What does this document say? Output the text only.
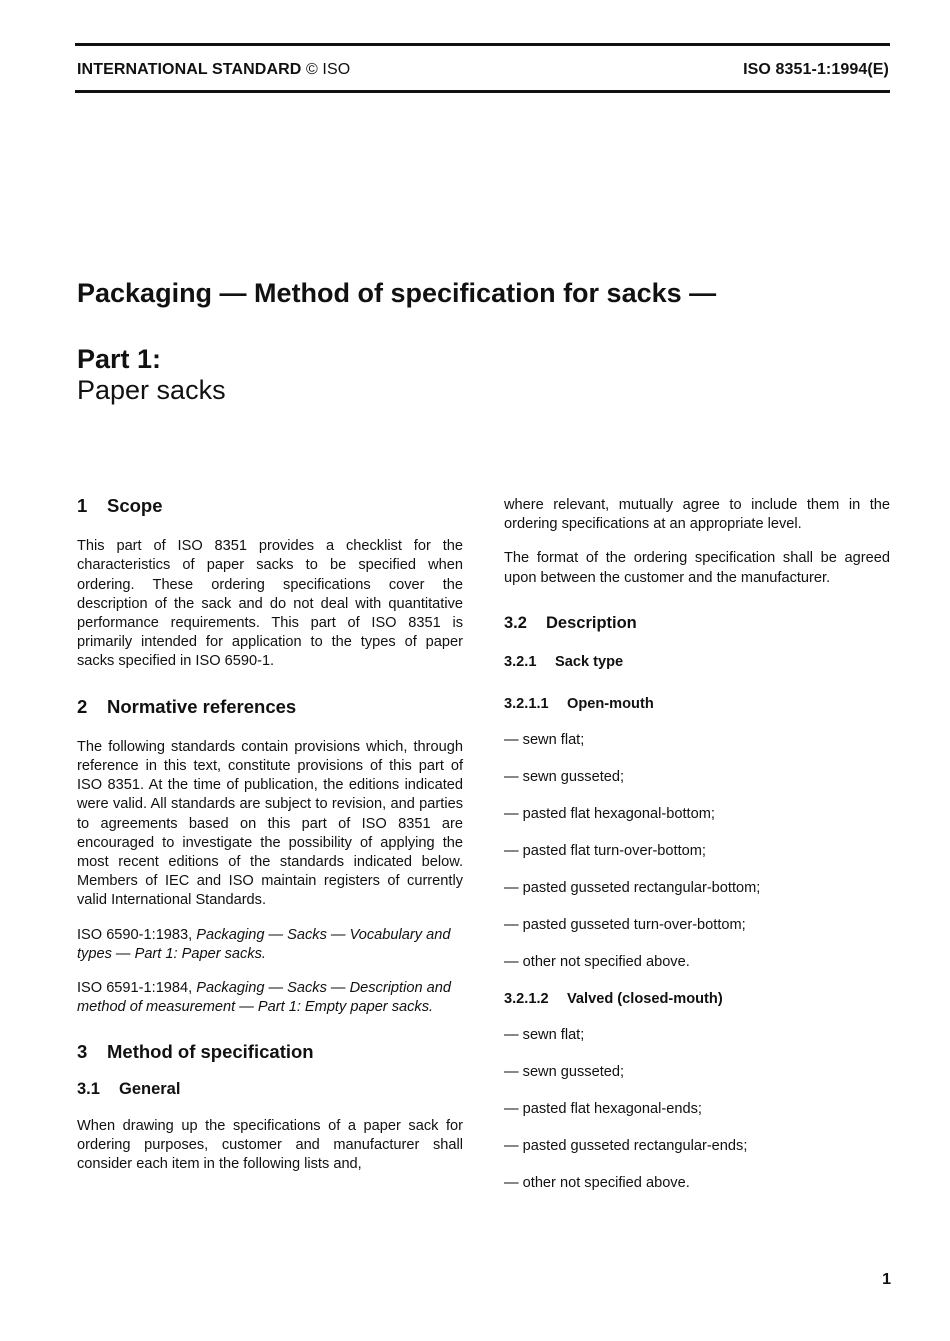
INTERNATIONAL STANDARD © ISO	ISO 8351-1:1994(E)
Packaging — Method of specification for sacks —
Part 1:
Paper sacks
1 Scope

This part of ISO 8351 provides a checklist for the characteristics of paper sacks to be specified when ordering. These ordering specifications cover the description of the sack and do not deal with quantitative performance requirements. This part of ISO 8351 is primarily intended for application to the types of paper sacks specified in ISO 6590-1.

2 Normative references

The following standards contain provisions which, through reference in this text, constitute provisions of this part of ISO 8351. At the time of publication, the editions indicated were valid. All standards are subject to revision, and parties to agreements based on this part of ISO 8351 are encouraged to investigate the possibility of applying the most recent editions of the standards indicated below. Members of IEC and ISO maintain registers of currently valid International Standards.

ISO 6590-1:1983, Packaging — Sacks — Vocabulary and types — Part 1: Paper sacks.

ISO 6591-1:1984, Packaging — Sacks — Description and method of measurement — Part 1: Empty paper sacks.

3 Method of specification
3.1 General

When drawing up the specifications of a paper sack for ordering purposes, customer and manufacturer shall consider each item in the following lists and,

where relevant, mutually agree to include them in the ordering specifications at an appropriate level.

The format of the ordering specification shall be agreed upon between the customer and the manufacturer.

3.2 Description
3.2.1 Sack type
3.2.1.1 Open-mouth
— sewn flat;
— sewn gusseted;
— pasted flat hexagonal-bottom;
— pasted flat turn-over-bottom;
— pasted gusseted rectangular-bottom;
— pasted gusseted turn-over-bottom;
— other not specified above.
3.2.1.2 Valved (closed-mouth)
— sewn flat;
— sewn gusseted;
— pasted flat hexagonal-ends;
— pasted gusseted rectangular-ends;
— other not specified above.
1
